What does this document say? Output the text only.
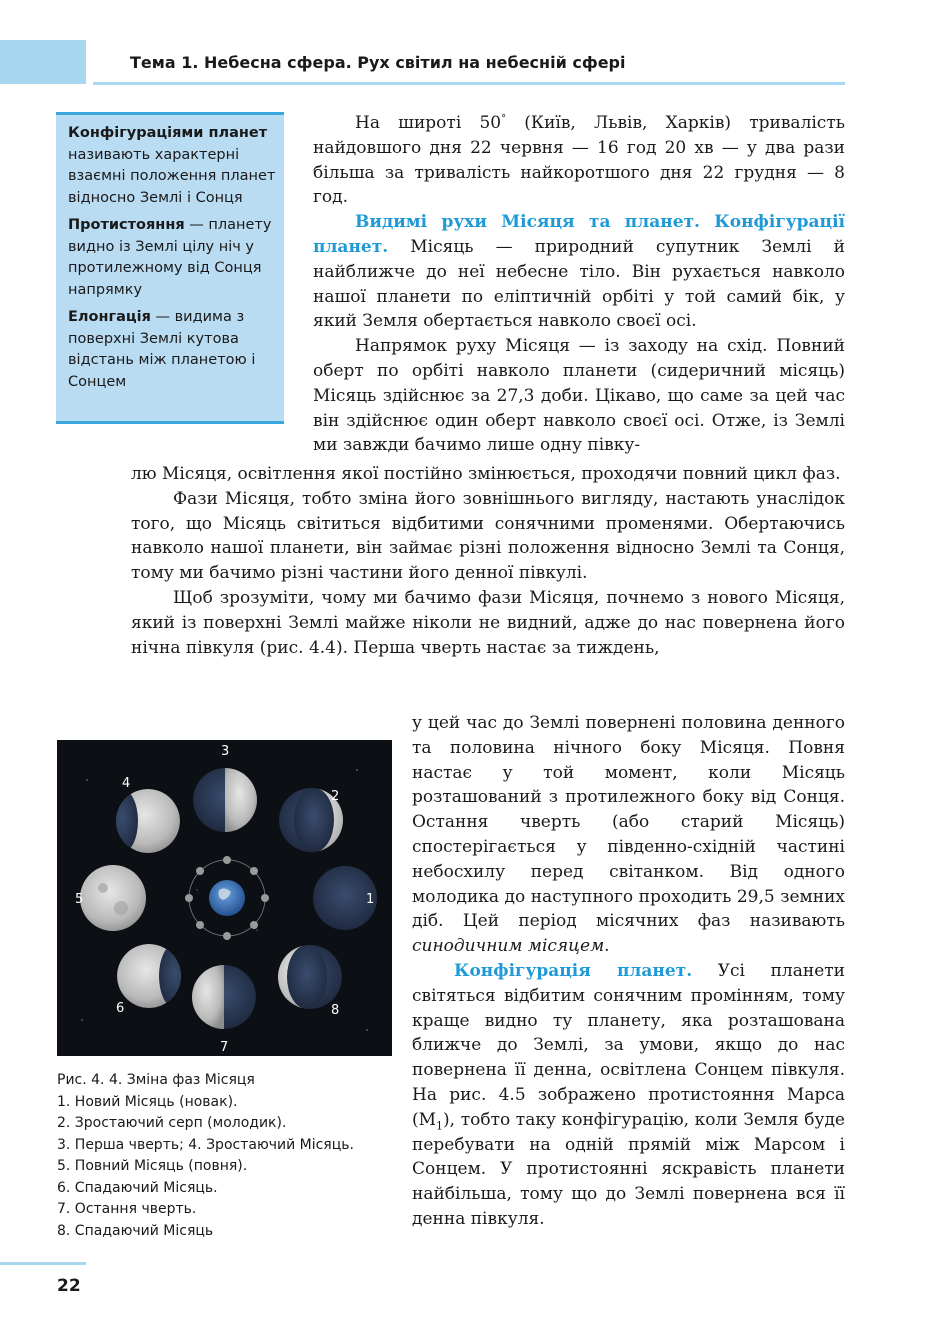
Тема 1. Небесна сфера. Рух світил на небесній сфері
Конфігураціями планет називають характерні взаємні положення планет відносно Землі і Сонця
Протистояння — планету видно із Землі цілу ніч у протилежному від Сонця напрямку
Елонгація — видима з поверхні Землі кутова відстань між планетою і Сонцем

На широті 50° (Київ, Львів, Харків) тривалість найдовшого дня 22 червня — 16 год 20 хв — у два рази більша за тривалість найкоротшого дня 22 грудня — 8 год.

Видимі рухи Місяця та планет. Конфігурації планет. Місяць — природний супутник Землі й найближче до неї небесне тіло. Він рухається навколо нашої планети по еліптичній орбіті у той самий бік, у який Земля обертається навколо своєї осі.

Напрямок руху Місяця — із заходу на схід. Повний оберт по орбіті навколо планети (сидеричний місяць) Місяць здійснює за 27,3 доби. Цікаво, що саме за цей час він здійснює один оберт навколо своєї осі. Отже, із Землі ми завжди бачимо лише одну півку-

лю Місяця, освітлення якої постійно змінюється, проходячи повний цикл фаз.

Фази Місяця, тобто зміна його зовнішнього вигляду, настають унаслідок того, що Місяць світиться відбитими сонячними променями. Обертаючись навколо нашої планети, він займає різні положення відносно Землі та Сонця, тому ми бачимо різні частини його денної півкулі.

Щоб зрозуміти, чому ми бачимо фази Місяця, почнемо з нового Місяця, який із поверхні Землі майже ніколи не видний, адже до нас повернена його нічна півкуля (рис. 4.4). Перша чверть настає за тиждень,

у цей час до Землі повернені половина денного та половина нічного боку Місяця. Повня настає у той момент, коли Місяць розташований з протилежного боку від Сонця. Остання чверть (або старий Місяць) спостерігається у південно-східній частині небосхилу перед світанком. Від одного молодика до наступного проходить 29,5 земних діб. Цей період місячних фаз називають синодичним місяцем.

Конфігурація планет. Усі планети світяться відбитим сонячним промінням, тому краще видно ту планету, яка розташована ближче до Землі, за умови, якщо до нас повернена її денна, освітлена Сонцем півкуля. На рис. 4.5 зображено протистояння Марса $(M_1)$, тобто таку конфігурацію, коли Земля буде перебувати на одній прямій між Марсом і Сонцем. У протистоянні яскравість планети найбільша, тому що до Землі повернена вся її денна півкуля.

1
2
3
4
5
6
7
8
Рис. 4. 4. Зміна фаз Місяця
1. Новий Місяць (новак).
2. Зростаючий серп (молодик).
3. Перша чверть; 4. Зростаючий Місяць.
5. Повний Місяць (повня).
6. Спадаючий Місяць.
7. Остання чверть.
8. Спадаючий Місяць
22
